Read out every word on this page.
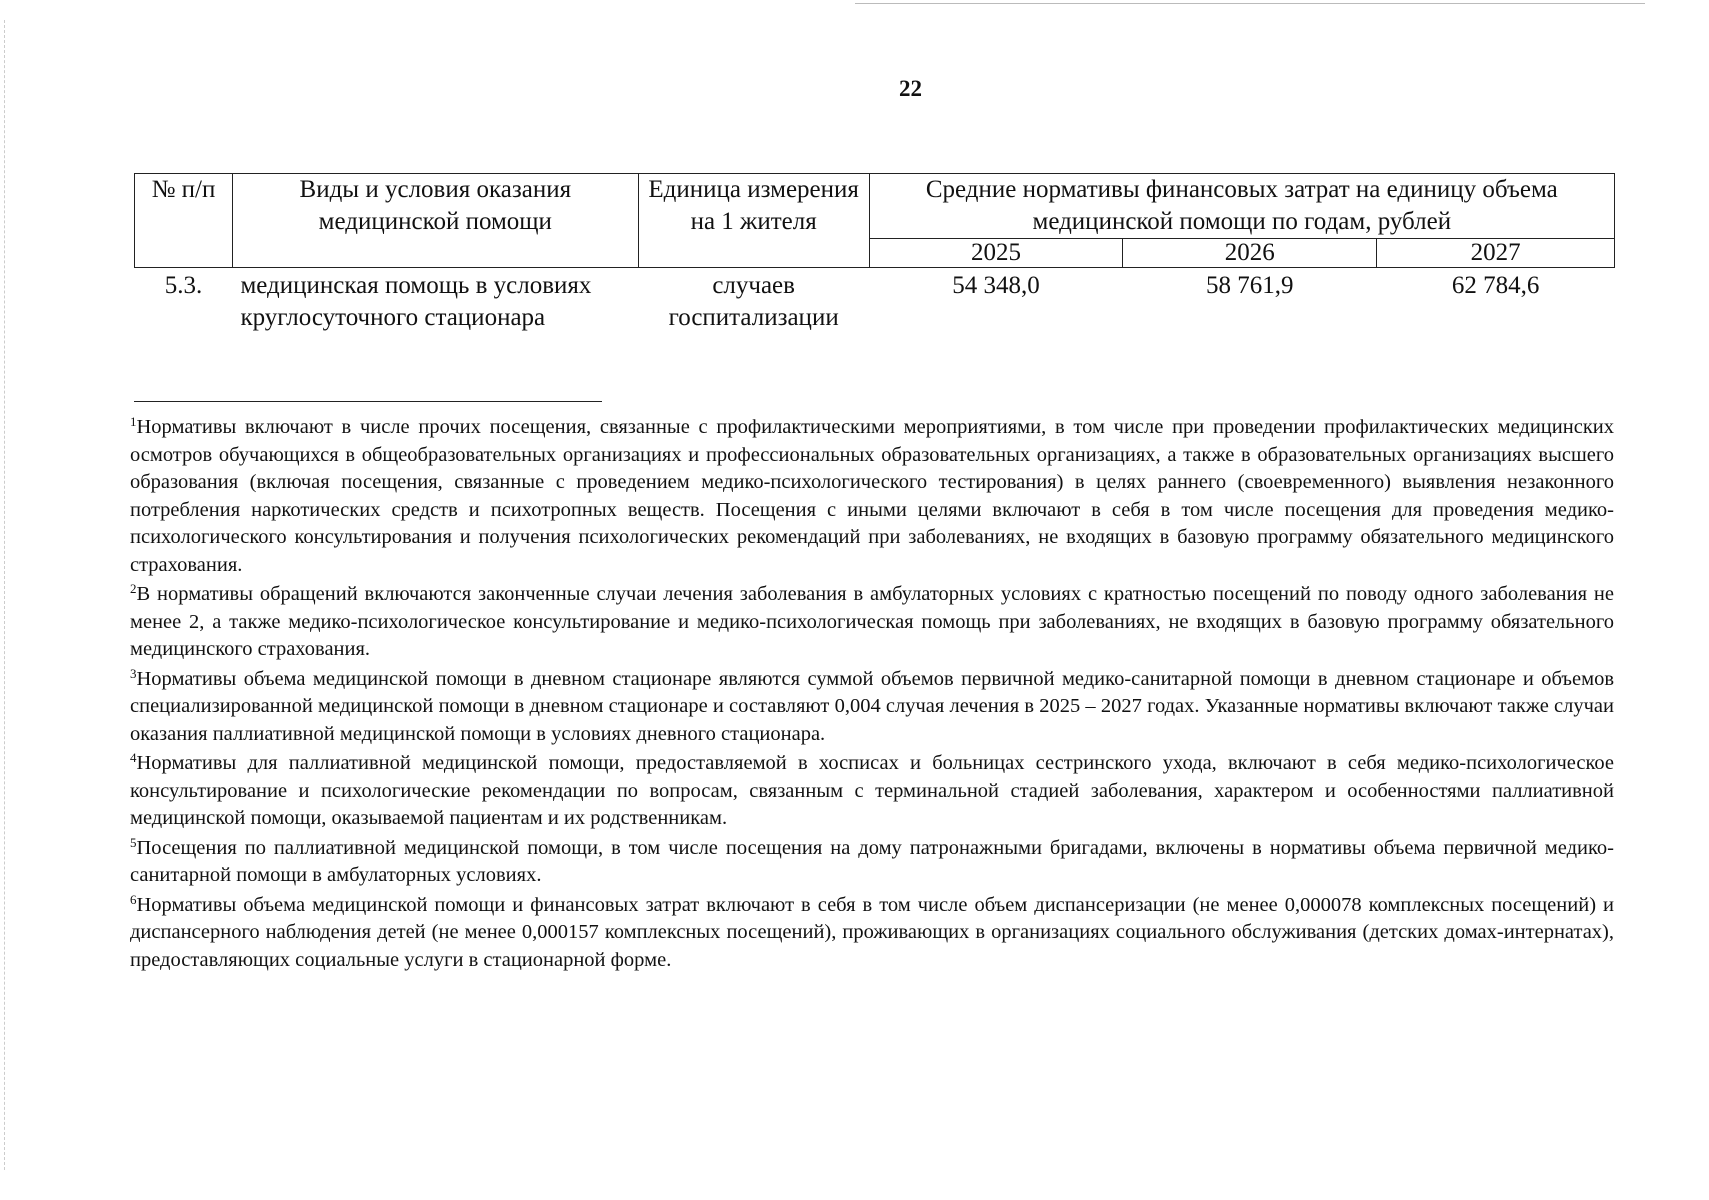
22
№ п/п	Виды и условия оказания медицинской помощи	Единица измерения на 1 жителя	Средние нормативы финансовых затрат на единицу объема медицинской помощи по годам, рублей		
			2025	2026	2027
5.3.	медицинская помощь в условиях круглосуточного стационара	случаев госпитализации	54 348,0	58 761,9	62 784,6

$^1$Нормативы включают в числе прочих посещения, связанные с профилактическими мероприятиями, в том числе при проведении профилактических медицинских осмотров обучающихся в общеобразовательных организациях и профессиональных образовательных организациях, а также в образовательных организациях высшего образования (включая посещения, связанные с проведением медико-психологического тестирования) в целях раннего (своевременного) выявления незаконного потребления наркотических средств и психотропных веществ. Посещения с иными целями включают в себя в том числе посещения для проведения медико-психологического консультирования и получения психологических рекомендаций при заболеваниях, не входящих в базовую программу обязательного медицинского страхования.

$^2$В нормативы обращений включаются законченные случаи лечения заболевания в амбулаторных условиях с кратностью посещений по поводу одного заболевания не менее 2, а также медико-психологическое консультирование и медико-психологическая помощь при заболеваниях, не входящих в базовую программу обязательного медицинского страхования.

$^3$Нормативы объема медицинской помощи в дневном стационаре являются суммой объемов первичной медико-санитарной помощи в дневном стационаре и объемов специализированной медицинской помощи в дневном стационаре и составляют 0,004 случая лечения в 2025 – 2027 годах. Указанные нормативы включают также случаи оказания паллиативной медицинской помощи в условиях дневного стационара.

$^4$Нормативы для паллиативной медицинской помощи, предоставляемой в хосписах и больницах сестринского ухода, включают в себя медико-психологическое консультирование и психологические рекомендации по вопросам, связанным с терминальной стадией заболевания, характером и особенностями паллиативной медицинской помощи, оказываемой пациентам и их родственникам.

$^5$Посещения по паллиативной медицинской помощи, в том числе посещения на дому патронажными бригадами, включены в нормативы объема первичной медико-санитарной помощи в амбулаторных условиях.

$^6$Нормативы объема медицинской помощи и финансовых затрат включают в себя в том числе объем диспансеризации (не менее 0,000078 комплексных посещений) и диспансерного наблюдения детей (не менее 0,000157 комплексных посещений), проживающих в организациях социального обслуживания (детских домах-интернатах), предоставляющих социальные услуги в стационарной форме.
